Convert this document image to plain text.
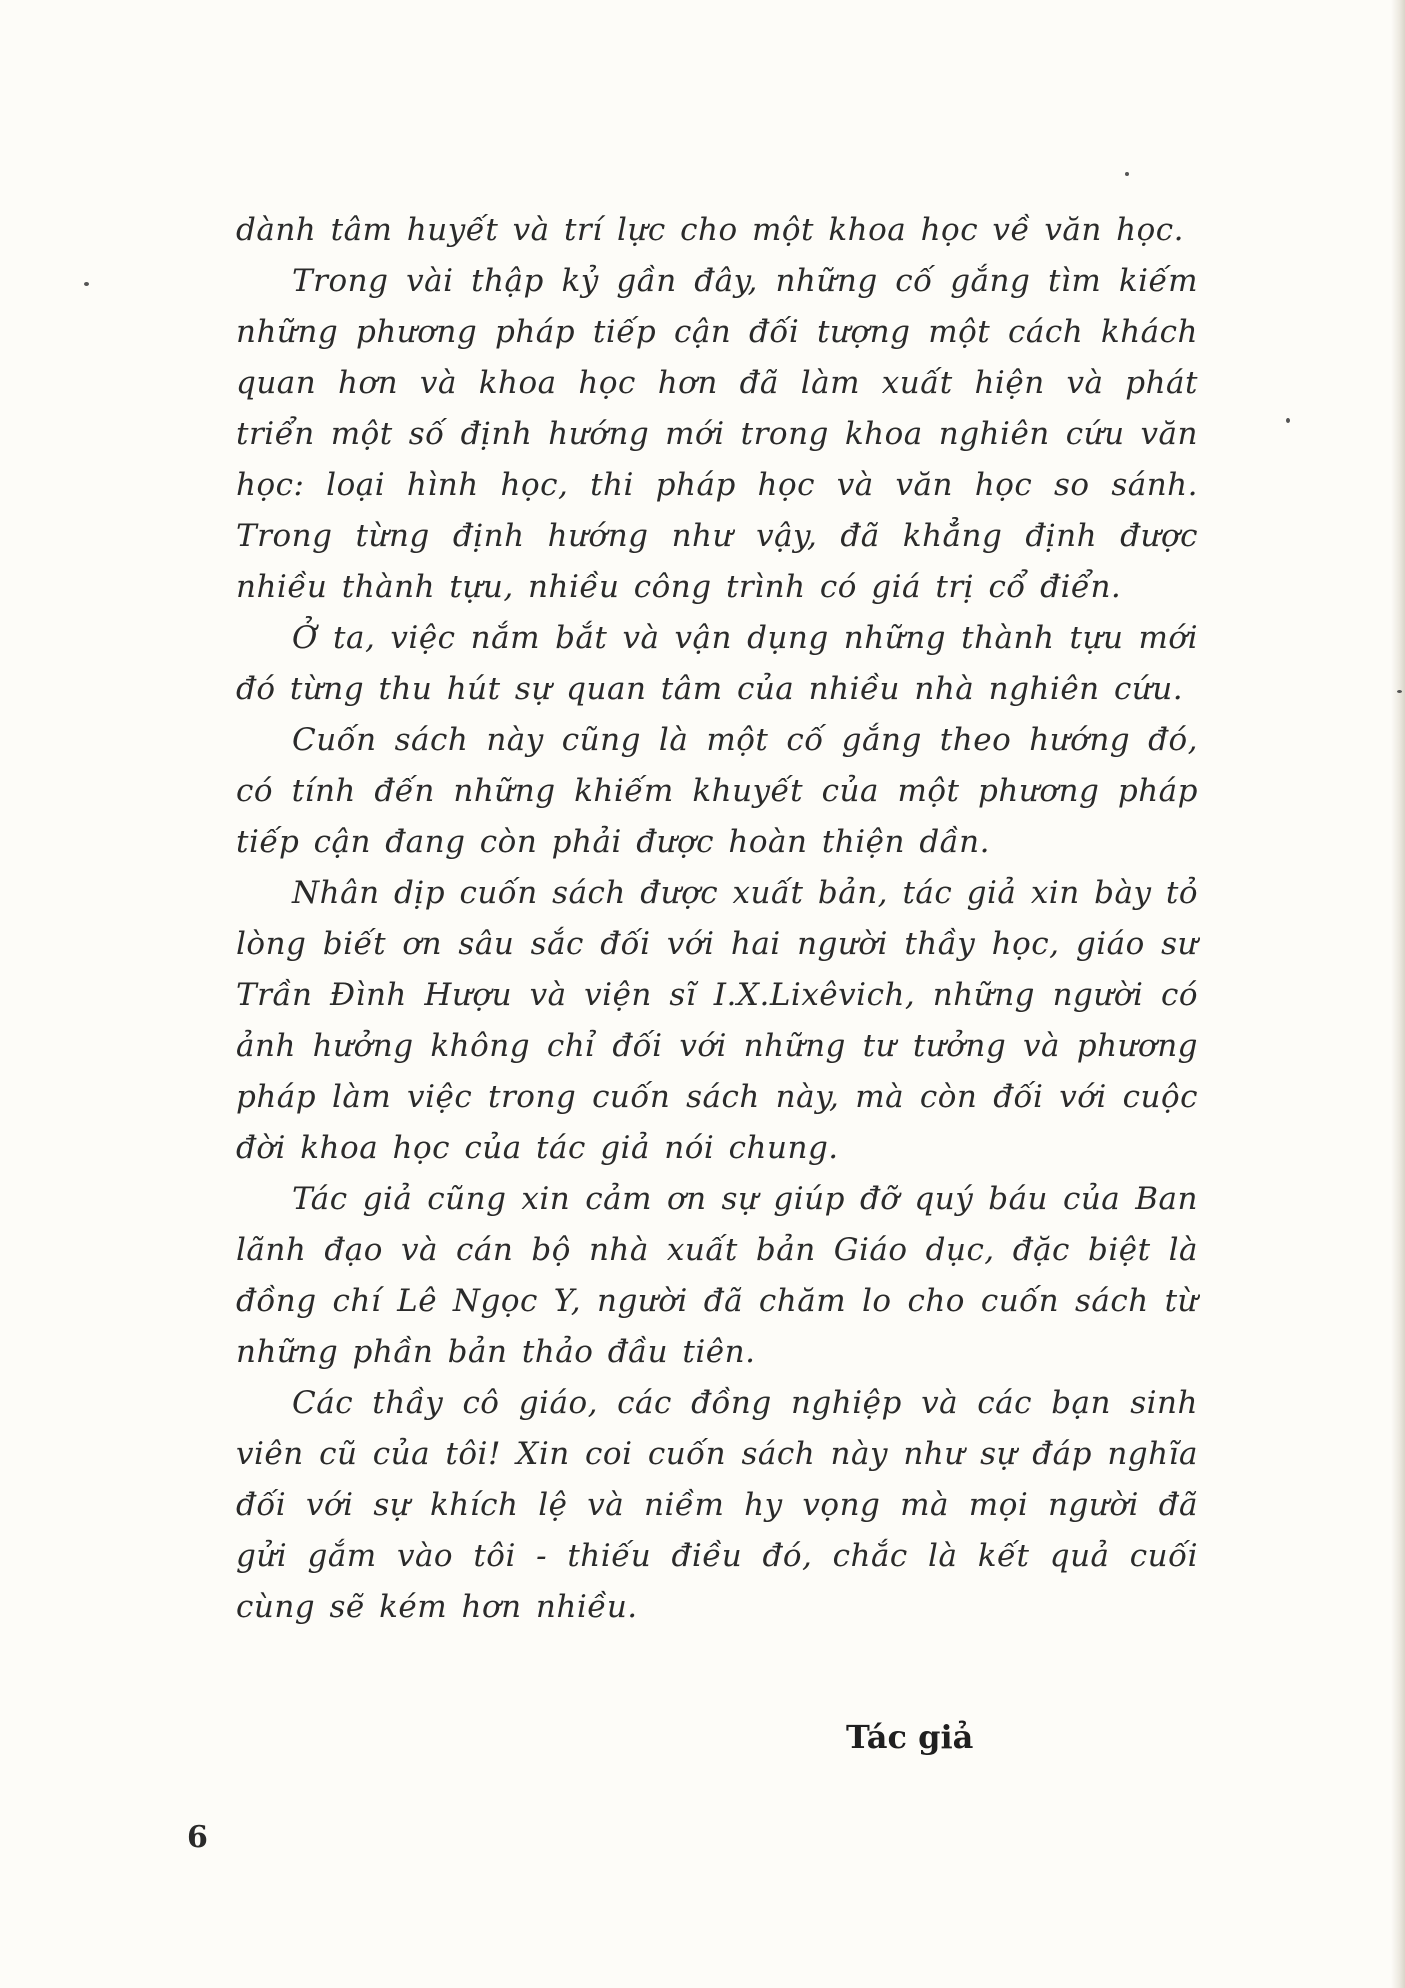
dành tâm huyết và trí lực cho một khoa học về văn học.

Trong vài thập kỷ gần đây, những cố gắng tìm kiếm những phương pháp tiếp cận đối tượng một cách khách quan hơn và khoa học hơn đã làm xuất hiện và phát triển một số định hướng mới trong khoa nghiên cứu văn học: loại hình học, thi pháp học và văn học so sánh. Trong từng định hướng như vậy, đã khẳng định được nhiều thành tựu, nhiều công trình có giá trị cổ điển.

Ở ta, việc nắm bắt và vận dụng những thành tựu mới đó từng thu hút sự quan tâm của nhiều nhà nghiên cứu.

Cuốn sách này cũng là một cố gắng theo hướng đó, có tính đến những khiếm khuyết của một phương pháp tiếp cận đang còn phải được hoàn thiện dần.

Nhân dịp cuốn sách được xuất bản, tác giả xin bày tỏ lòng biết ơn sâu sắc đối với hai người thầy học, giáo sư Trần Đình Hượu và viện sĩ I.X.Lixêvich, những người có ảnh hưởng không chỉ đối với những tư tưởng và phương pháp làm việc trong cuốn sách này, mà còn đối với cuộc đời khoa học của tác giả nói chung.

Tác giả cũng xin cảm ơn sự giúp đỡ quý báu của Ban lãnh đạo và cán bộ nhà xuất bản Giáo dục, đặc biệt là đồng chí Lê Ngọc Y, người đã chăm lo cho cuốn sách từ những phần bản thảo đầu tiên.

Các thầy cô giáo, các đồng nghiệp và các bạn sinh viên cũ của tôi! Xin coi cuốn sách này như sự đáp nghĩa đối với sự khích lệ và niềm hy vọng mà mọi người đã gửi gắm vào tôi - thiếu điều đó, chắc là kết quả cuối cùng sẽ kém hơn nhiều.

Tác giả
6
